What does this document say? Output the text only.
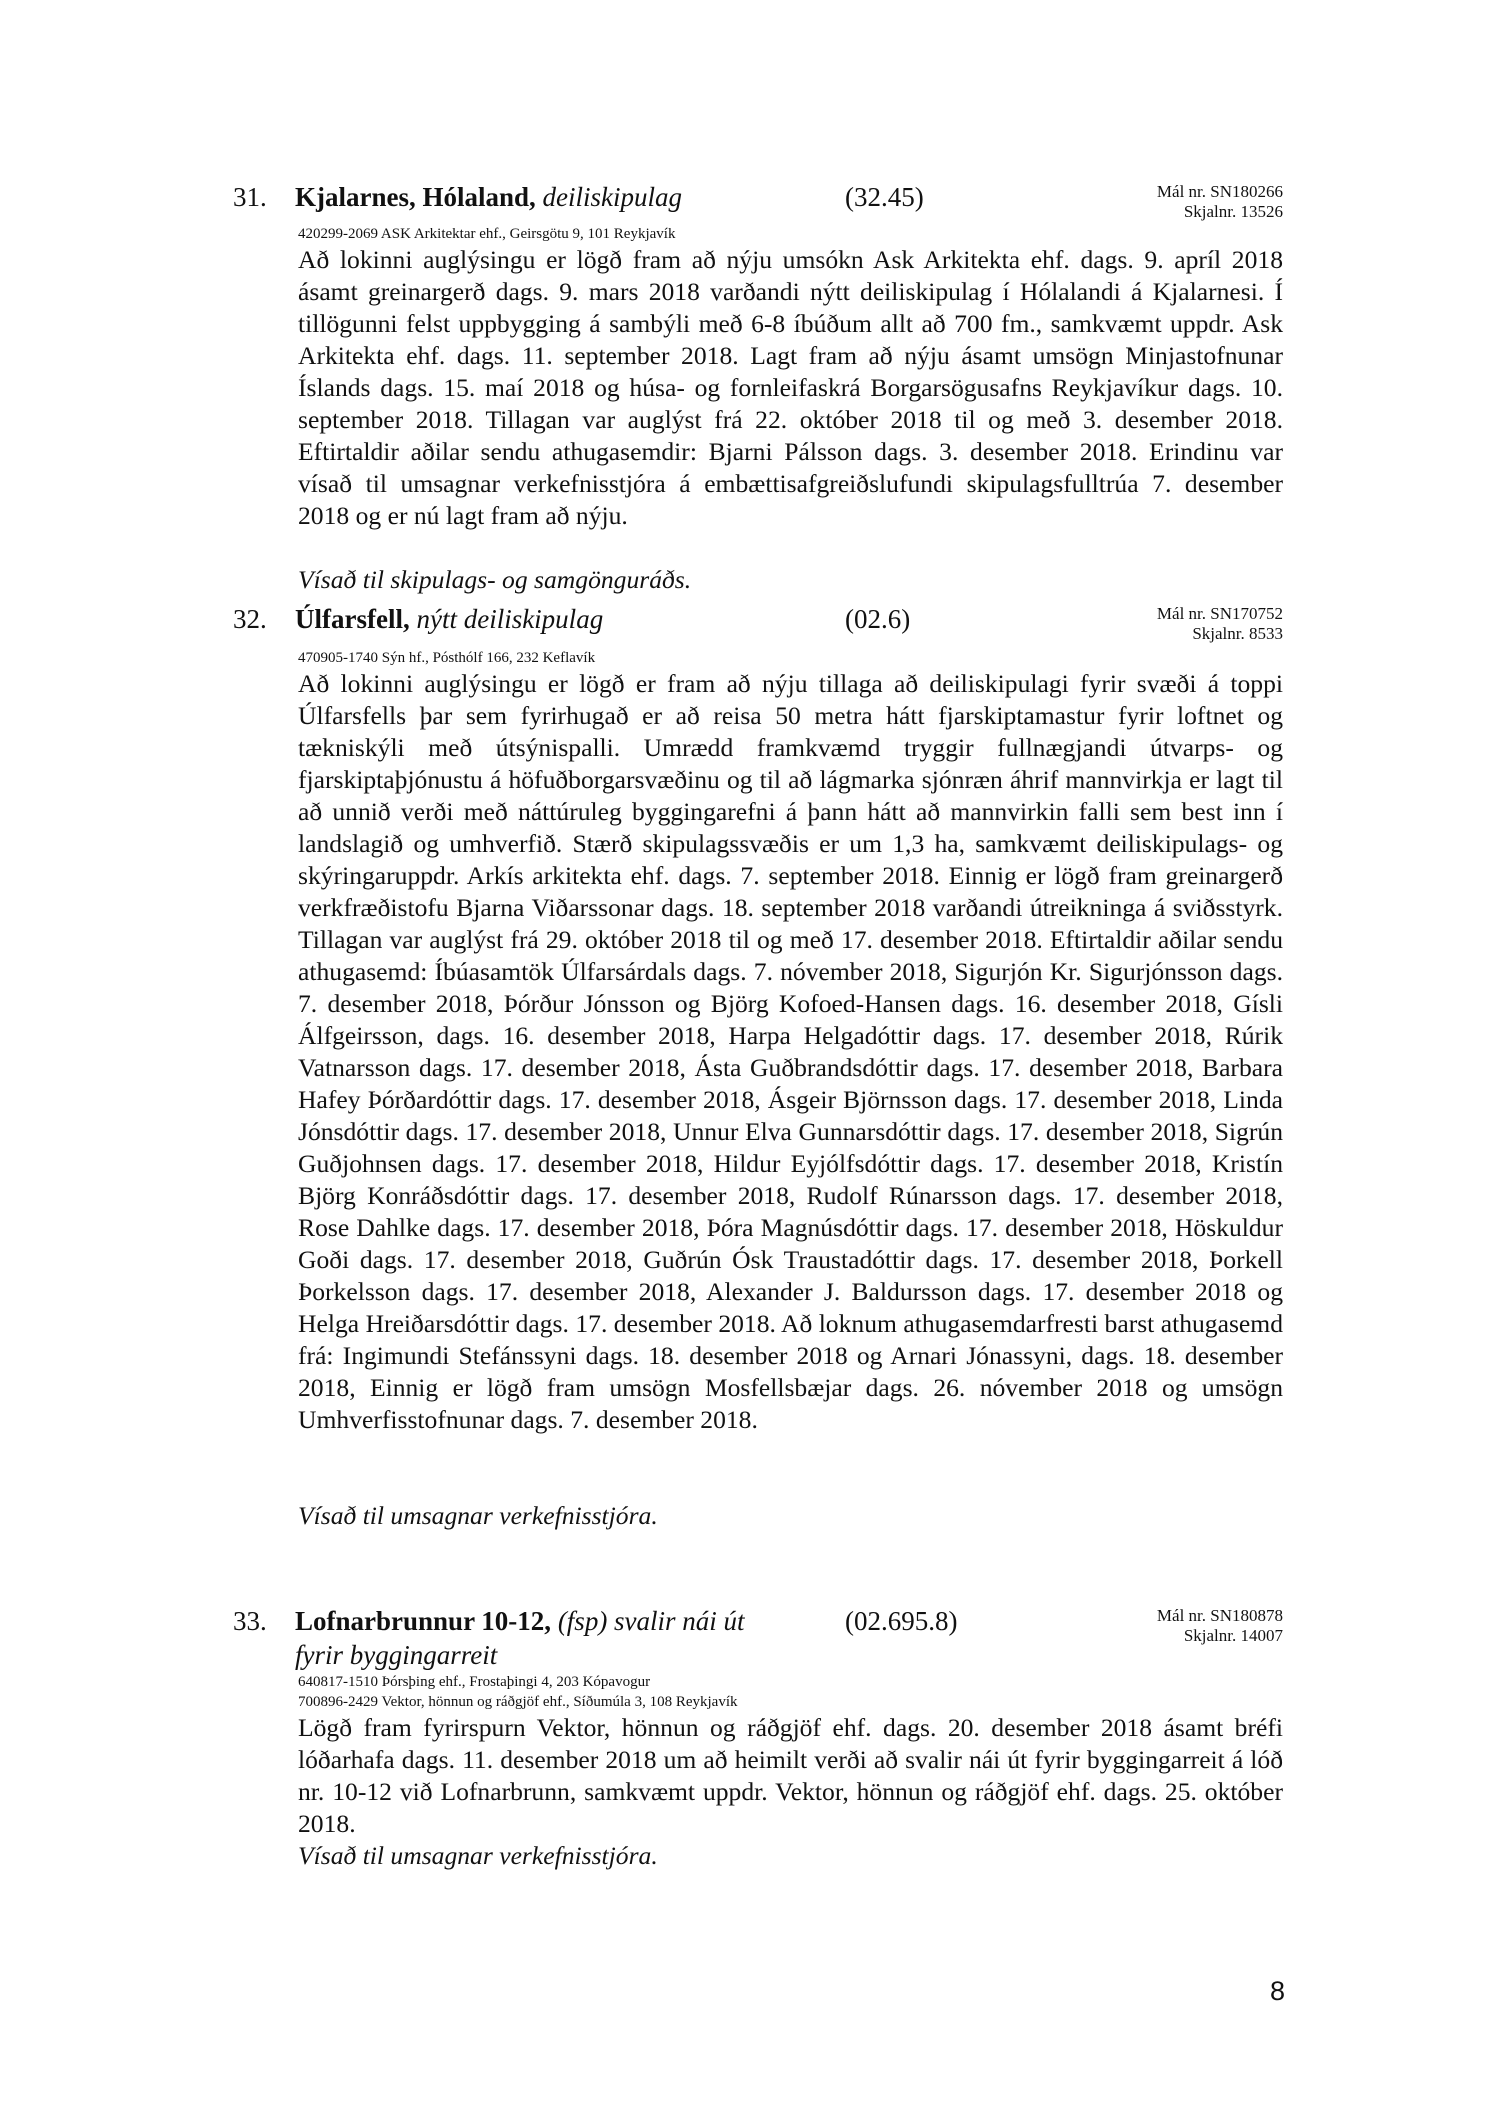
31. Kjalarnes, Hólaland, deiliskipulag	(32.45)	Mál nr. SN180266
Skjalnr. 13526
420299-2069 ASK Arkitektar ehf., Geirsgötu 9, 101 Reykjavík
Að lokinni auglýsingu er lögð fram að nýju umsókn Ask Arkitekta ehf. dags. 9. apríl 2018 ásamt greinargerð dags. 9. mars 2018 varðandi nýtt deiliskipulag í Hólalandi á Kjalarnesi. Í tillögunni felst uppbygging á sambýli með 6-8 íbúðum allt að 700 fm., samkvæmt uppdr. Ask Arkitekta ehf. dags. 11. september 2018. Lagt fram að nýju ásamt umsögn Minjastofnunar Íslands dags. 15. maí 2018 og húsa- og fornleifaskrá Borgarsögusafns Reykjavíkur dags. 10. september 2018. Tillagan var auglýst frá 22. október 2018 til og með 3. desember 2018. Eftirtaldir aðilar sendu athugasemdir: Bjarni Pálsson dags. 3. desember 2018. Erindinu var vísað til umsagnar verkefnisstjóra á embættisafgreiðslufundi skipulagsfulltrúa 7. desember 2018 og er nú lagt fram að nýju.
Vísað til skipulags- og samgönguráðs.
32. Úlfarsfell, nýtt deiliskipulag	(02.6)	Mál nr. SN170752
Skjalnr. 8533
470905-1740 Sýn hf., Pósthólf 166, 232 Keflavík
Að lokinni auglýsingu er lögð er fram að nýju tillaga að deiliskipulagi fyrir svæði á toppi Úlfarsfells þar sem fyrirhugað er að reisa 50 metra hátt fjarskiptamastur fyrir loftnet og tækniskýli með útsýnispalli. Umrædd framkvæmd tryggir fullnægjandi útvarps- og fjarskiptaþjónustu á höfuðborgarsvæðinu og til að lágmarka sjónræn áhrif mannvirkja er lagt til að unnið verði með náttúruleg byggingarefni á þann hátt að mannvirkin falli sem best inn í landslagið og umhverfið. Stærð skipulagssvæðis er um 1,3 ha, samkvæmt deiliskipulags- og skýringaruppdr. Arkís arkitekta ehf. dags. 7. september 2018. Einnig er lögð fram greinargerð verkfræðistofu Bjarna Viðarssonar dags. 18. september 2018 varðandi útreikninga á sviðsstyrk. Tillagan var auglýst frá 29. október 2018 til og með 17. desember 2018. Eftirtaldir aðilar sendu athugasemd: Íbúasamtök Úlfarsárdals dags. 7. nóvember 2018, Sigurjón Kr. Sigurjónsson dags. 7. desember 2018, Þórður Jónsson og Björg Kofoed-Hansen dags. 16. desember 2018, Gísli Álfgeirsson, dags. 16. desember 2018, Harpa Helgadóttir dags. 17. desember 2018, Rúrik Vatnarsson dags. 17. desember 2018, Ásta Guðbrandsdóttir dags. 17. desember 2018, Barbara Hafey Þórðardóttir dags. 17. desember 2018, Ásgeir Björnsson dags. 17. desember 2018, Linda Jónsdóttir dags. 17. desember 2018, Unnur Elva Gunnarsdóttir dags. 17. desember 2018, Sigrún Guðjohnsen dags. 17. desember 2018, Hildur Eyjólfsdóttir dags. 17. desember 2018, Kristín Björg Konráðsdóttir dags. 17. desember 2018, Rudolf Rúnarsson dags. 17. desember 2018, Rose Dahlke dags. 17. desember 2018, Þóra Magnúsdóttir dags. 17. desember 2018, Höskuldur Goði dags. 17. desember 2018, Guðrún Ósk Traustadóttir dags. 17. desember 2018, Þorkell Þorkelsson dags. 17. desember 2018, Alexander J. Baldursson dags. 17. desember 2018 og Helga Hreiðarsdóttir dags. 17. desember 2018. Að loknum athugasemdarfresti barst athugasemd frá: Ingimundi Stefánssyni dags. 18. desember 2018 og Arnari Jónassyni, dags. 18. desember 2018, Einnig er lögð fram umsögn Mosfellsbæjar dags. 26. nóvember 2018 og umsögn Umhverfisstofnunar dags. 7. desember 2018.
Vísað til umsagnar verkefnisstjóra.
33. Lofnarbrunnur 10-12, (fsp) svalir nái út
fyrir byggingarreit
(02.695.8)	Mál nr. SN180878
Skjalnr. 14007
640817-1510 Þórsþing ehf., Frostaþingi 4, 203 Kópavogur
700896-2429 Vektor, hönnun og ráðgjöf ehf., Síðumúla 3, 108 Reykjavík
Lögð fram fyrirspurn Vektor, hönnun og ráðgjöf ehf. dags. 20. desember 2018 ásamt bréfi lóðarhafa dags. 11. desember 2018 um að heimilt verði að svalir nái út fyrir byggingarreit á lóð nr. 10-12 við Lofnarbrunn, samkvæmt uppdr. Vektor, hönnun og ráðgjöf ehf. dags. 25. október 2018.
Vísað til umsagnar verkefnisstjóra.
8
